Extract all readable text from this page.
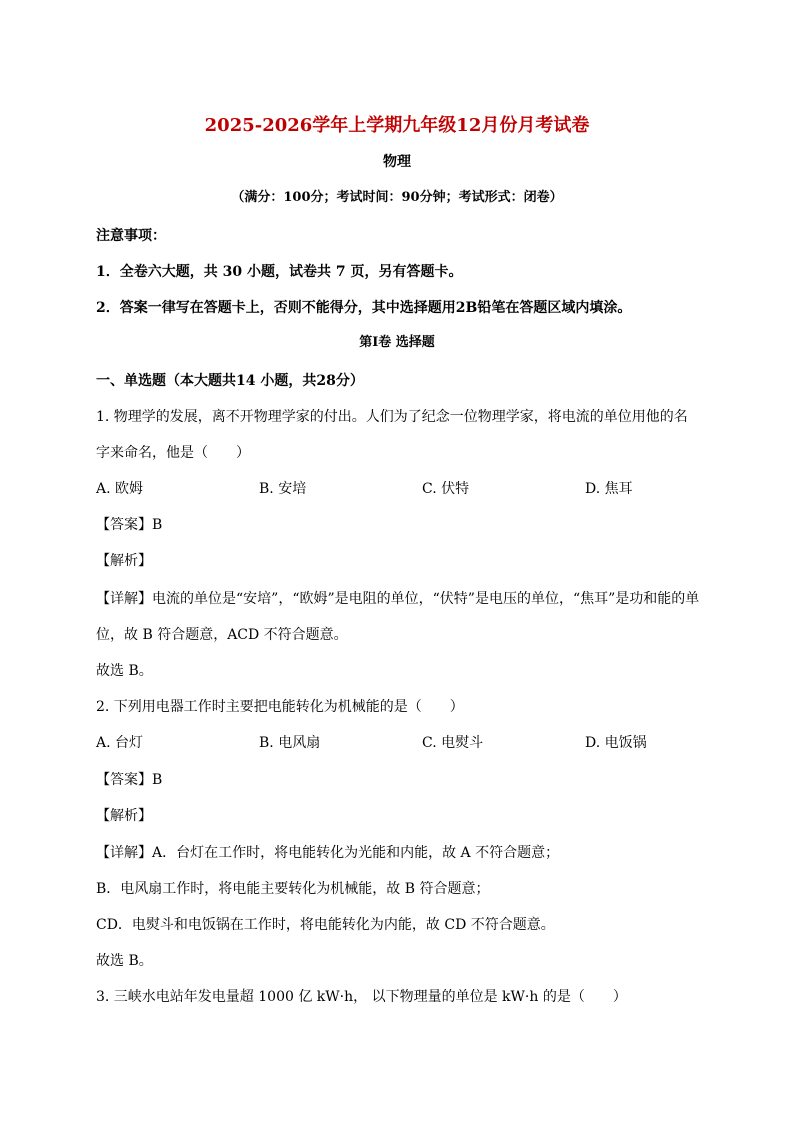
2025-2026学年上学期九年级12月份月考试卷
物理
（满分：100分；考试时间：90分钟；考试形式：闭卷）
注意事项：
1．全卷六大题，共 30 小题，试卷共 7 页，另有答题卡。
2．答案一律写在答题卡上，否则不能得分，其中选择题用2B铅笔在答题区域内填涂。
第Ⅰ卷 选择题
一、单选题（本大题共14 小题，共28分）
1. 物理学的发展，离不开物理学家的付出。人们为了纪念一位物理学家，将电流的单位用他的名
字来命名，他是（　　）
A. 欧姆	B. 安培	C. 伏特	D. 焦耳
【答案】B
【解析】
【详解】电流的单位是“安培”，“欧姆”是电阻的单位，“伏特”是电压的单位，“焦耳”是功和能的单
位，故 B 符合题意，ACD 不符合题意。
故选 B。
2. 下列用电器工作时主要把电能转化为机械能的是（　　）
A. 台灯	B. 电风扇	C. 电熨斗	D. 电饭锅
【答案】B
【解析】
【详解】A．台灯在工作时，将电能转化为光能和内能，故 A 不符合题意；
B．电风扇工作时，将电能主要转化为机械能，故 B 符合题意；
CD．电熨斗和电饭锅在工作时，将电能转化为内能，故 CD 不符合题意。
故选 B。
3. 三峡水电站年发电量超 1000 亿 kW·h， 以下物理量的单位是 kW·h 的是（　　）
